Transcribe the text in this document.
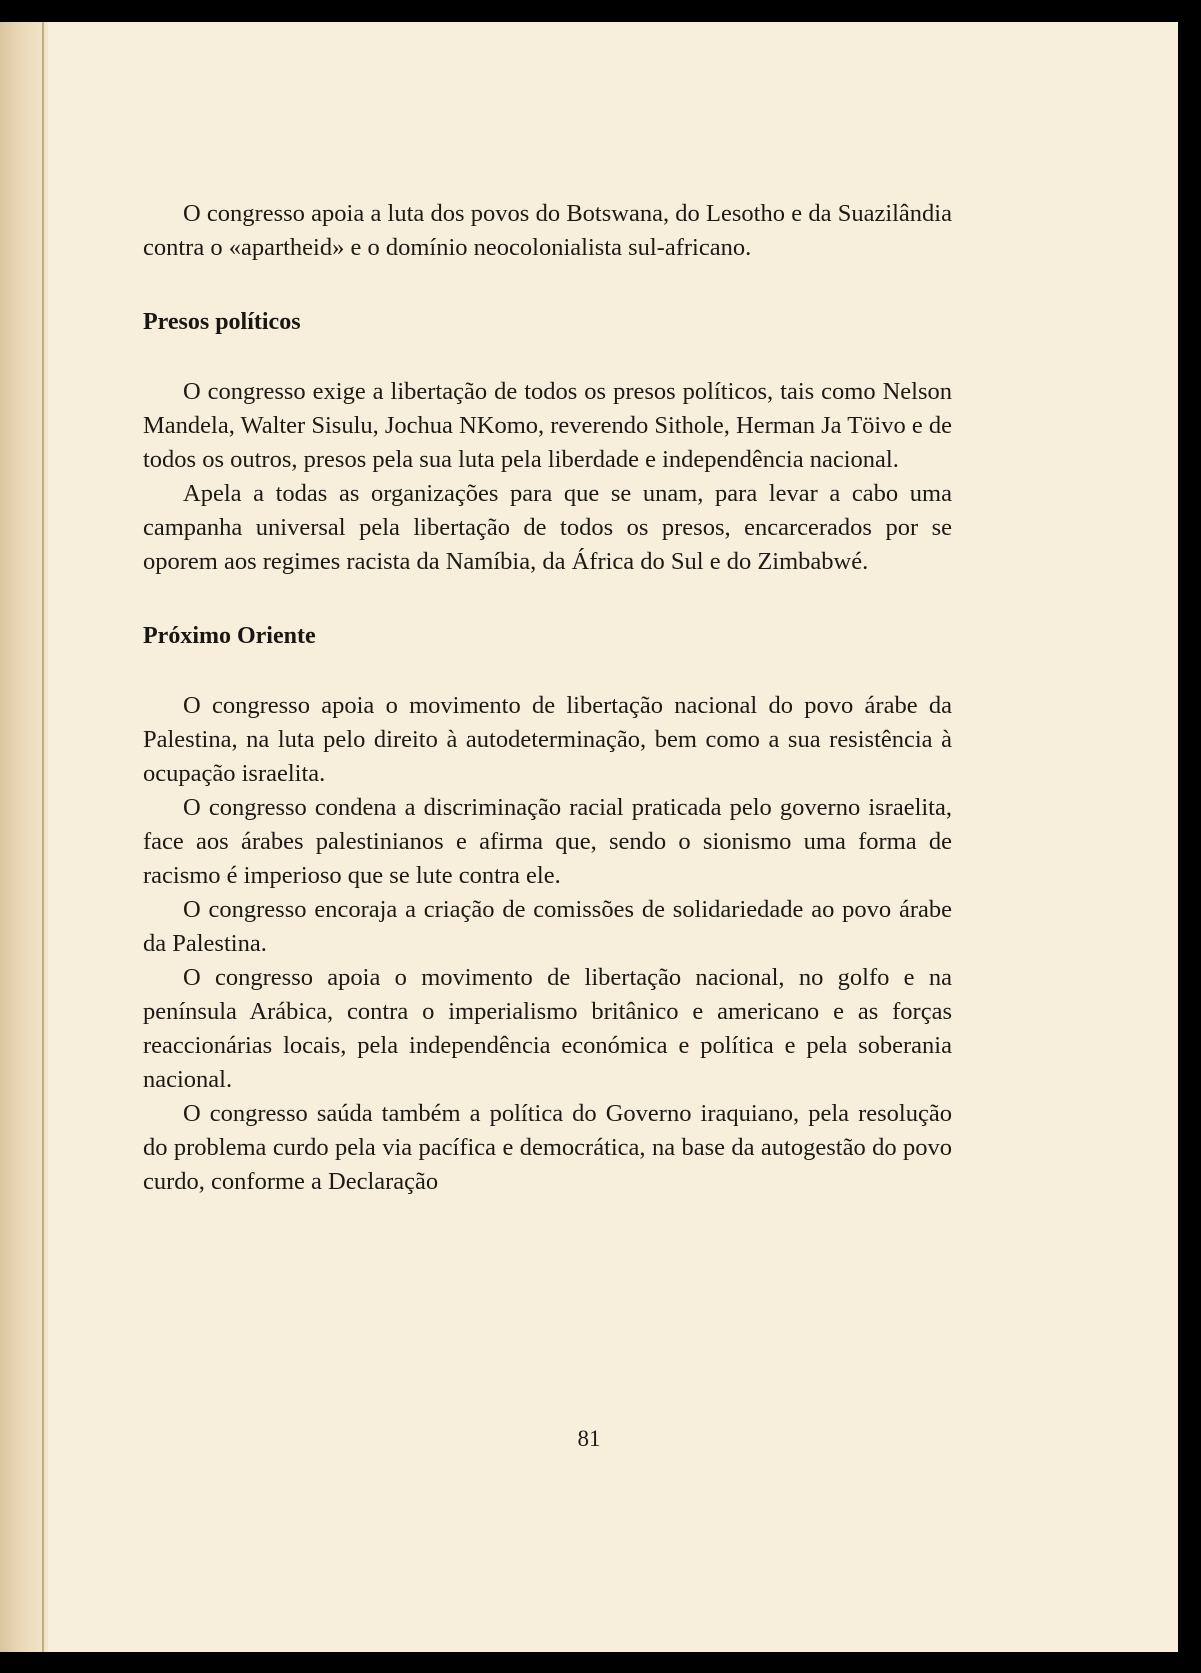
O congresso apoia a luta dos povos do Botswana, do Lesotho e da Suazilândia contra o «apartheid» e o domínio neocolonialista sul-africano.

Presos políticos

O congresso exige a libertação de todos os presos políticos, tais como Nelson Mandela, Walter Sisulu, Jochua NKomo, reverendo Sithole, Herman Ja Töivo e de todos os outros, presos pela sua luta pela liberdade e independência nacional.

Apela a todas as organizações para que se unam, para levar a cabo uma campanha universal pela libertação de todos os presos, encarcerados por se oporem aos regimes racista da Namíbia, da África do Sul e do Zimbabwé.

Próximo Oriente

O congresso apoia o movimento de libertação nacional do povo árabe da Palestina, na luta pelo direito à autodeterminação, bem como a sua resistência à ocupação israelita.

O congresso condena a discriminação racial praticada pelo governo israelita, face aos árabes palestinianos e afirma que, sendo o sionismo uma forma de racismo é imperioso que se lute contra ele.

O congresso encoraja a criação de comissões de solidariedade ao povo árabe da Palestina.

O congresso apoia o movimento de libertação nacional, no golfo e na península Arábica, contra o imperialismo britânico e americano e as forças reaccionárias locais, pela independência económica e política e pela soberania nacional.

O congresso saúda também a política do Governo iraquiano, pela resolução do problema curdo pela via pacífica e democrática, na base da autogestão do povo curdo, conforme a Declaração

81
